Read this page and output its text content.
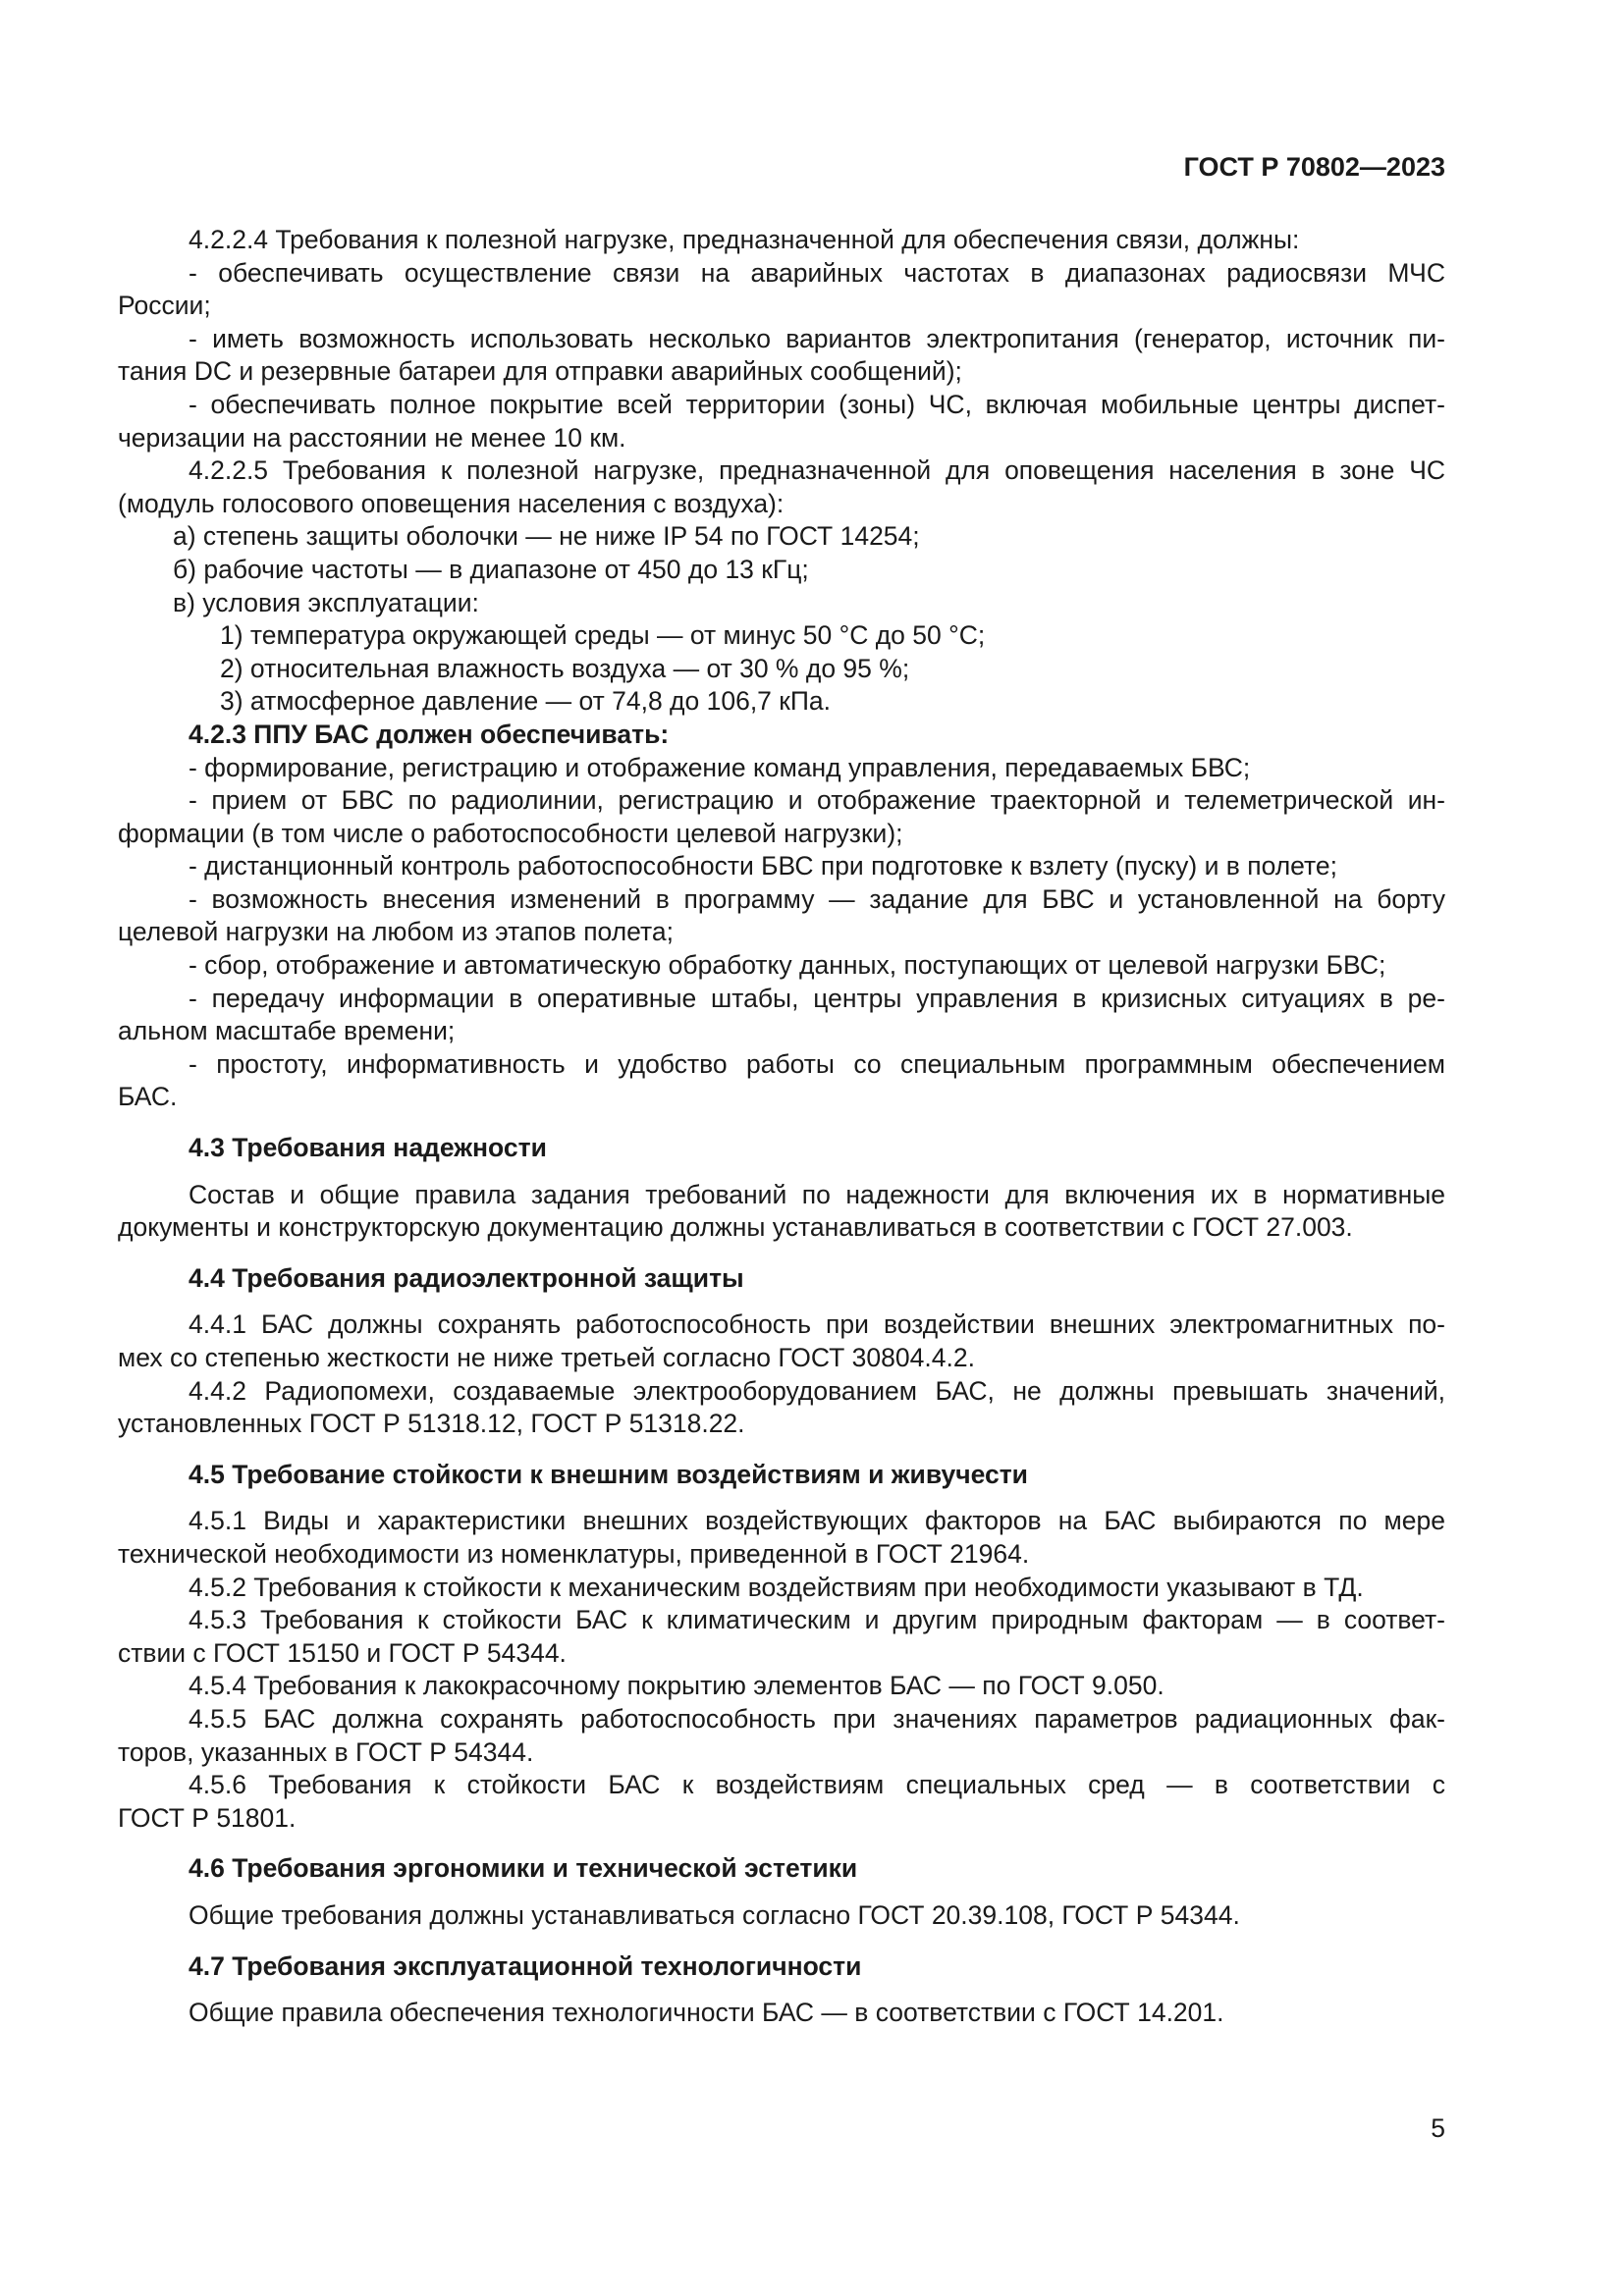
ГОСТ Р 70802—2023

4.2.2.4 Требования к полезной нагрузке, предназначенной для обеспечения связи, должны:

- обеспечивать осуществление связи на аварийных частотах в диапазонах радиосвязи МЧС

России;

- иметь возможность использовать несколько вариантов электропитания (генератор, источник пи-

тания DC и резервные батареи для отправки аварийных сообщений);

- обеспечивать полное покрытие всей территории (зоны) ЧС, включая мобильные центры диспет-

черизации на расстоянии не менее 10 км.

4.2.2.5 Требования к полезной нагрузке, предназначенной для оповещения населения в зоне ЧС

(модуль голосового оповещения населения с воздуха):

а) степень защиты оболочки — не ниже IP 54 по ГОСТ 14254;

б) рабочие частоты — в диапазоне от 450 до 13 кГц;

в) условия эксплуатации:

1) температура окружающей среды — от минус 50 °С до 50 °С;

2) относительная влажность воздуха — от 30 % до 95 %;

3) атмосферное давление — от 74,8 до 106,7 кПа.

4.2.3 ППУ БАС должен обеспечивать:

- формирование, регистрацию и отображение команд управления, передаваемых БВС;

- прием от БВС по радиолинии, регистрацию и отображение траекторной и телеметрической ин-

формации (в том числе о работоспособности целевой нагрузки);

- дистанционный контроль работоспособности БВС при подготовке к взлету (пуску) и в полете;

- возможность внесения изменений в программу — задание для БВС и установленной на борту

целевой нагрузки на любом из этапов полета;

- сбор, отображение и автоматическую обработку данных, поступающих от целевой нагрузки БВС;

- передачу информации в оперативные штабы, центры управления в кризисных ситуациях в ре-

альном масштабе времени;

- простоту, информативность и удобство работы со специальным программным обеспечением

БАС.

4.3 Требования надежности

Состав и общие правила задания требований по надежности для включения их в нормативные

документы и конструкторскую документацию должны устанавливаться в соответствии с ГОСТ 27.003.

4.4 Требования радиоэлектронной защиты

4.4.1 БАС должны сохранять работоспособность при воздействии внешних электромагнитных по-

мех со степенью жесткости не ниже третьей согласно ГОСТ 30804.4.2.

4.4.2 Радиопомехи, создаваемые электрооборудованием БАС, не должны превышать значений,

установленных ГОСТ Р 51318.12, ГОСТ Р 51318.22.

4.5 Требование стойкости к внешним воздействиям и живучести

4.5.1 Виды и характеристики внешних воздействующих факторов на БАС выбираются по мере

технической необходимости из номенклатуры, приведенной в ГОСТ 21964.

4.5.2 Требования к стойкости к механическим воздействиям при необходимости указывают в ТД.

4.5.3 Требования к стойкости БАС к климатическим и другим природным факторам — в соответ-

ствии с ГОСТ 15150 и ГОСТ Р 54344.

4.5.4 Требования к лакокрасочному покрытию элементов БАС — по ГОСТ 9.050.

4.5.5 БАС должна сохранять работоспособность при значениях параметров радиационных фак-

торов, указанных в ГОСТ Р 54344.

4.5.6 Требования к стойкости БАС к воздействиям специальных сред — в соответствии с

ГОСТ Р 51801.

4.6 Требования эргономики и технической эстетики

Общие требования должны устанавливаться согласно ГОСТ 20.39.108, ГОСТ Р 54344.

4.7 Требования эксплуатационной технологичности

Общие правила обеспечения технологичности БАС — в соответствии с ГОСТ 14.201.

5
